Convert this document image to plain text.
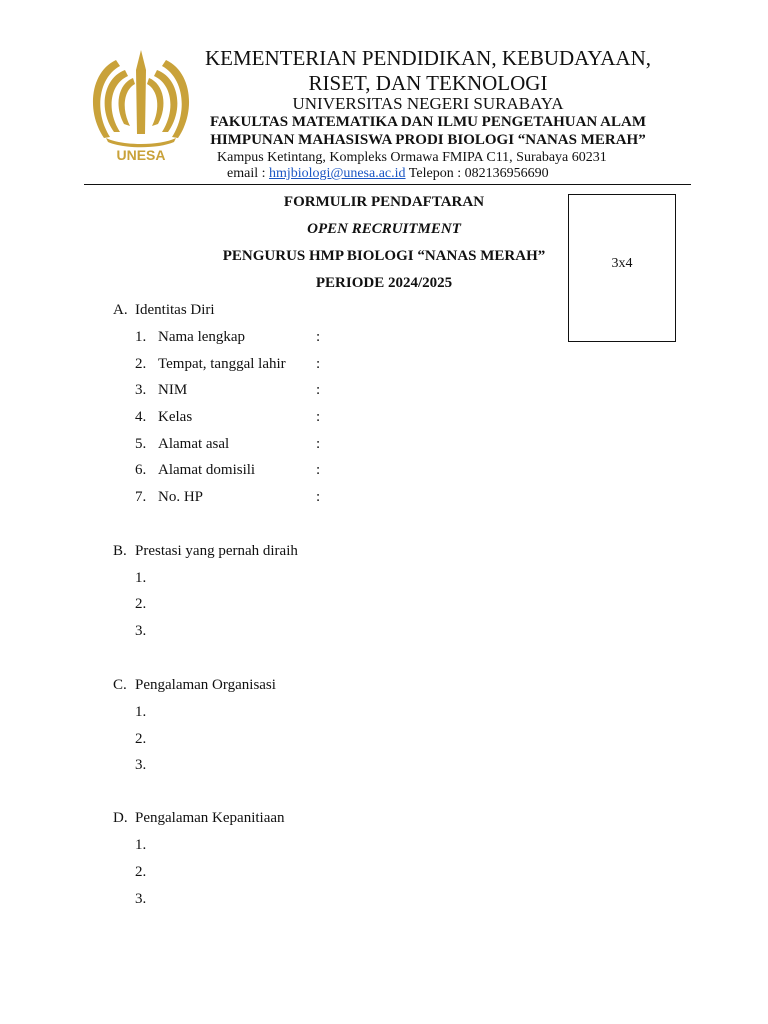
UNESA
KEMENTERIAN PENDIDIKAN, KEBUDAYAAN,
RISET, DAN TEKNOLOGI
UNIVERSITAS NEGERI SURABAYA
FAKULTAS MATEMATIKA DAN ILMU PENGETAHUAN ALAM
HIMPUNAN MAHASISWA PRODI BIOLOGI “NANAS MERAH”
Kampus Ketintang, Kompleks Ormawa FMIPA C11, Surabaya 60231
email : hmjbiologi@unesa.ac.id Telepon : 082136956690
FORMULIR PENDAFTARAN
OPEN RECRUITMENT
PENGURUS HMP BIOLOGI “NANAS MERAH”
PERIODE 2024/2025
3x4
A. Identitas Diri
1. Nama lengkap	:
2. Tempat, tanggal lahir :
3. NIM	:
4. Kelas	:
5. Alamat asal	:
6. Alamat domisili	:
7. No. HP	:
B. Prestasi yang pernah diraih
1.
2.
3.
C. Pengalaman Organisasi
1.
2.
3.
D. Pengalaman Kepanitiaan
1.
2.
3.
